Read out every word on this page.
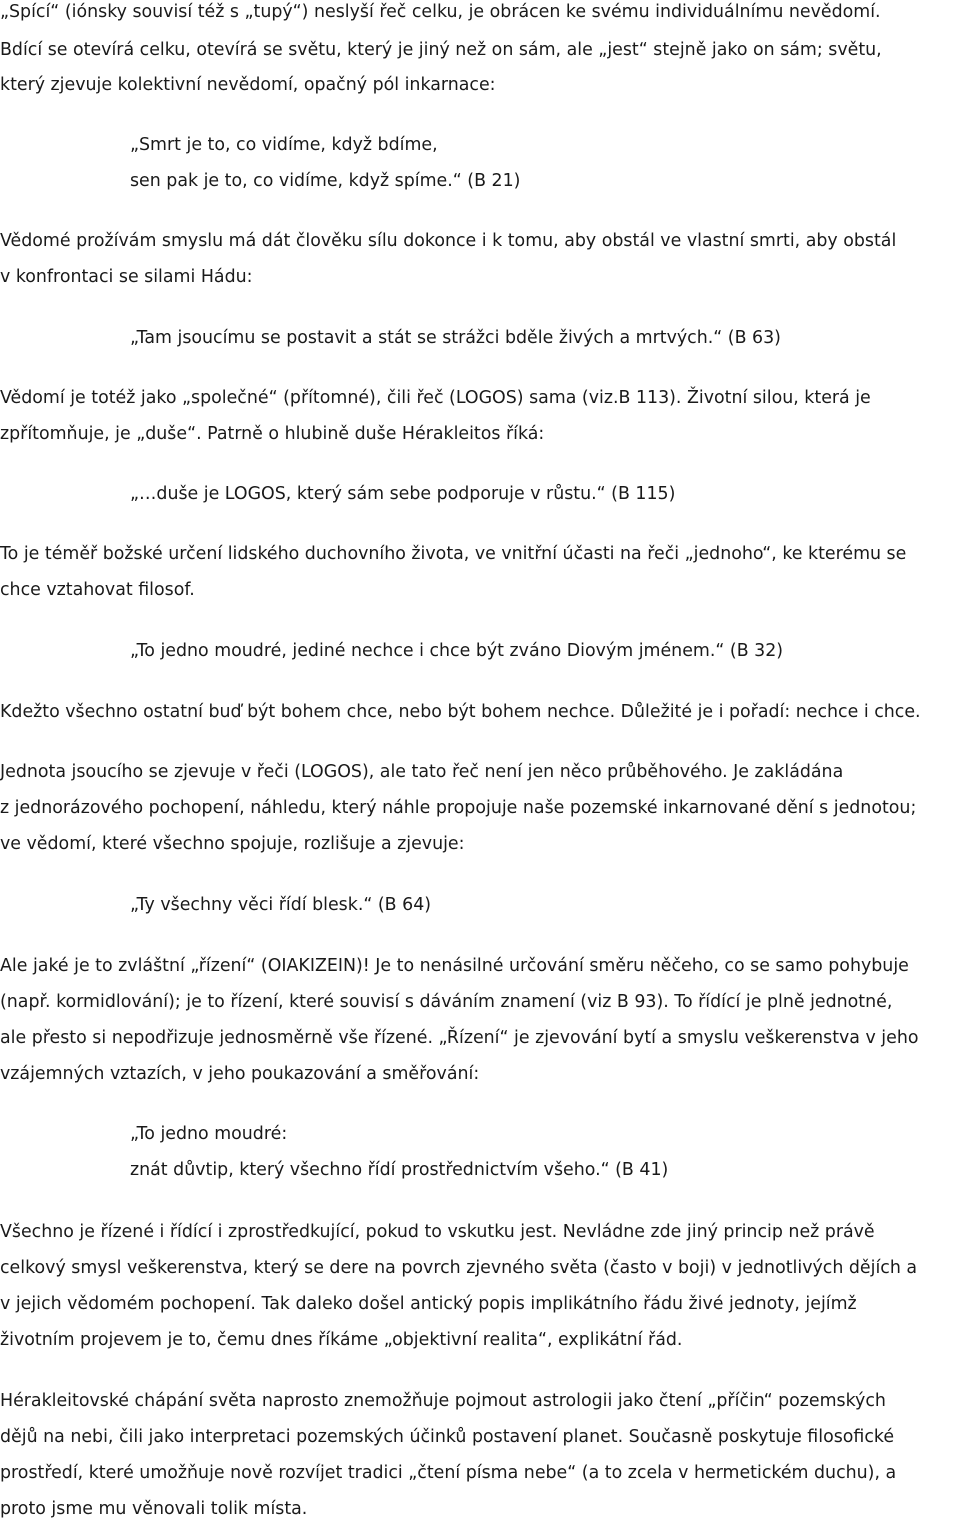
„Spící“ (iónsky souvisí též s „tupý“) neslyší řeč celku, je obrácen ke svému individuálnímu nevědomí.
Bdící se otevírá celku, otevírá se světu, který je jiný než on sám, ale „jest“ stejně jako on sám; světu,
který zjevuje kolektivní nevědomí, opačný pól inkarnace:
„Smrt je to, co vidíme, když bdíme,
sen pak je to, co vidíme, když spíme.“ (B 21)
Vědomé prožívám smyslu má dát člověku sílu dokonce i k tomu, aby obstál ve vlastní smrti, aby obstál
v konfrontaci se silami Hádu:
„Tam jsoucímu se postavit a stát se strážci bděle živých a mrtvých.“ (B 63)
Vědomí je totéž jako „společné“ (přítomné), čili řeč (LOGOS) sama (viz.B 113). Životní silou, která je
zpřítomňuje, je „duše“. Patrně o hlubině duše Hérakleitos říká:
„…duše je LOGOS, který sám sebe podporuje v růstu.“ (B 115)
To je téměř božské určení lidského duchovního života, ve vnitřní účasti na řeči „jednoho“, ke kterému se
chce vztahovat filosof.
„To jedno moudré, jediné nechce i chce být zváno Diovým jménem.“ (B 32)
Kdežto všechno ostatní buď být bohem chce, nebo být bohem nechce. Důležité je i pořadí: nechce i chce.
Jednota jsoucího se zjevuje v řeči (LOGOS), ale tato řeč není jen něco průběhového. Je zakládána
z jednorázového pochopení, náhledu, který náhle propojuje naše pozemské inkarnované dění s jednotou;
ve vědomí, které všechno spojuje, rozlišuje a zjevuje:
„Ty všechny věci řídí blesk.“ (B 64)
Ale jaké je to zvláštní „řízení“ (OIAKIZEIN)! Je to nenásilné určování směru něčeho, co se samo pohybuje
(např. kormidlování); je to řízení, které souvisí s dáváním znamení (viz B 93). To řídící je plně jednotné,
ale přesto si nepodřizuje jednosměrně vše řízené. „Řízení“ je zjevování bytí a smyslu veškerenstva v jeho
vzájemných vztazích, v jeho poukazování a směřování:
„To jedno moudré:
znát důvtip, který všechno řídí prostřednictvím všeho.“ (B 41)
Všechno je řízené i řídící i zprostředkující, pokud to vskutku jest. Nevládne zde jiný princip než právě
celkový smysl veškerenstva, který se dere na povrch zjevného světa (často v boji) v jednotlivých dějích a
v jejich vědomém pochopení. Tak daleko došel antický popis implikátního řádu živé jednoty, jejímž
životním projevem je to, čemu dnes říkáme „objektivní realita“, explikátní řád.
Hérakleitovské chápání světa naprosto znemožňuje pojmout astrologii jako čtení „příčin“ pozemských
dějů na nebi, čili jako interpretaci pozemských účinků postavení planet. Současně poskytuje filosofické
prostředí, které umožňuje nově rozvíjet tradici „čtení písma nebe“ (a to zcela v hermetickém duchu), a
proto jsme mu věnovali tolik místa.
